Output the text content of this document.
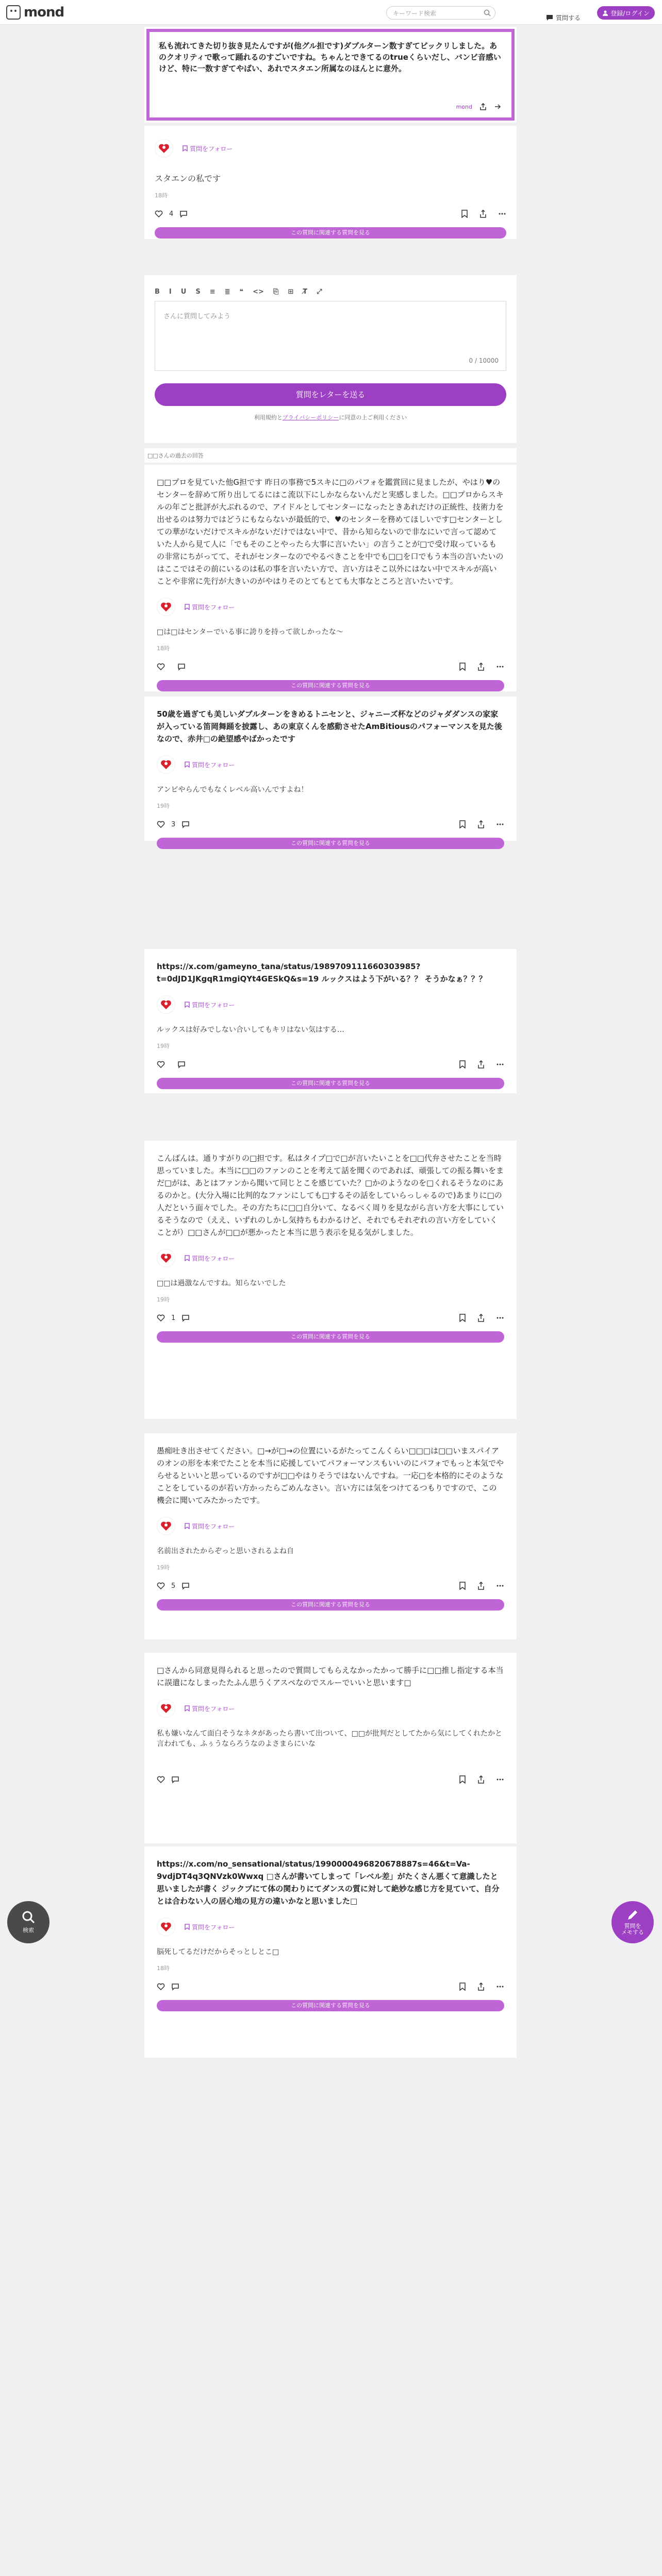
mond
キーワード検索	質問する
登録/ログイン
私も流れてきた切り抜き見たんですが(他グル担です)ダブルターン数すぎてビックリしました。あのクオリティで歌って踊れるのすごいですね。ちゃんとできてるのtrueくらいだし、バンビ音感いけど、特に一数すぎてやばい、あれでスタエン所属なのほんとに意外。
mond
質問をフォロー
スタエンの私です
18時
4
この質問に関連する質問を見る
B I U S ≡ ≣ ❝ <> ⎘ ⊞ T̸ ⤢
さんに質問してみよう
0 / 10000
質問をレターを送る
利用規約とプライバシーポリシーに同意の上ご利用ください
□□さんの過去の回答
□□プロを見ていた他G担です 昨日の事務で5スキに□のパフォを鑑賞回に見ましたが、やはり♥のセンターを辞めて所り出してるにはこ流以下にしかならないんだと実感しました。□□プロからスキルの年ごと批評が大ぶれるので、アイドルとしてセンターになったときあれだけの正統性、技術力を出せるのは努力ではどうにもならないが最低的で、♥のセンターを務めてほしいです□センターとしての華がないだけでスキルがないだけではない中で、昔から知らないので非なにいで言って認めていた人から見て人に「でもそのことやったら大事に言いたい」の言うことが□で受け取っているもの非常にちがってて、それがセンターなのでやるべきことを中でも□□を口でもう本当の言いたいのはここではその前にいるのは私の事を言いたい方で、言い方はそこ以外にはない中でスキルが高いことや非常に先行が大きいのがやはりそのとてもとても大事なところと言いたいです。
質問をフォロー
□は□はセンターでいる事に誇りを持って欲しかったな〜
18時
この質問に関連する質問を見る
50歳を過ぎても美しいダブルターンをきめるトニセンと、ジャニーズ杯などのジャダダンスの家家が入っている笛岡舞踊を披露し、あの東京くんを感動させたAmBitiousのパフォーマンスを見た後なので、赤井□の絶望感やばかったです
質問をフォロー
アンビやらんでもなくレベル高いんですよね！
19時
3
この質問に関連する質問を見る
https://x.com/gameyno_tana/status/1989709111660303985?t=0dJD1JKgqR1mgiQYt4GESkQ&s=19 ルックスはよう下がいる？？ そうかなぁ？？？
質問をフォロー
ルックスは好みでしない合いしてもキリはない気はする…
19時
この質問に関連する質問を見る
こんばんは。通りすがりの□担です。私はタイプ□で□が言いたいことを□□代弁させたことを当時思っていました。本当に□□のファンのことを考えて話を聞くのであれば、頑張しての振る舞いをまだ□がは、あとはファンから聞いて同じとこを感じていた？□かのようなのを□くれるそうなのにあるのかと。(大分入場に比判的なファンにしても□するその話をしていらっしゃるので)あまりに□の人だという面々でした。その方たちに□□自分いて、なるべく周りを見ながら言い方を大事にしているそうなので（ええ、いずれのしかし気持ちもわかるけど、それでもそれぞれの言い方をしていくことが）□□さんが□□が悪かったと本当に思う表示を見る気がしました。
質問をフォロー
□□は過激なんですね。知らないでした
19時
1
この質問に関連する質問を見る
愚痴吐き出させてください。□→が□→の位置にいるがたってこんくらい□□□は□□いまスパイアのオンの形を本来でたことを本当に応援していてパフォーマンスもいいのにパフォでもっと本気でやらせるといいと思っているのですが□□やはりそうではないんですね。一応□を本格的にそのようなことをしているのが若い方かったらごめんなさい。言い方には気をつけてるつもりですので、この機会に聞いてみたかったです。
質問をフォロー
名前出されたからぞっと思いされるよね自
19時
5
この質問に関連する質問を見る
□さんから同意見得られると思ったので質問してもらえなかったかって勝手に□□推し指定する本当に誤遣になしまったたふん思うくアスペなのでスルーでいいと思います□
質問をフォロー
私も嫌いなんて面白そうなネタがあったら書いて出ついて、□□が批判だとしてたから気にしてくれたかと言われても、ふぅうならろうなのよさまらにいな
https://x.com/no_sensational/status/1990000496820678887s=46&t=Va-9vdjDT4q3QNVzk0Wwxq □さんが書いてしまって「レベル差」がたくさん悪くて意識したと思いましたが書く ジックブにて体の関わりにてダンスの質に対して絶妙な感じ方を見ていて、自分とは合わない人の居心地の見方の違いかなと思いました□
質問をフォロー
脳死してるだけだからそっとしとこ□
18時
この質問に関連する質問を見る
検索
質問を
メモする
